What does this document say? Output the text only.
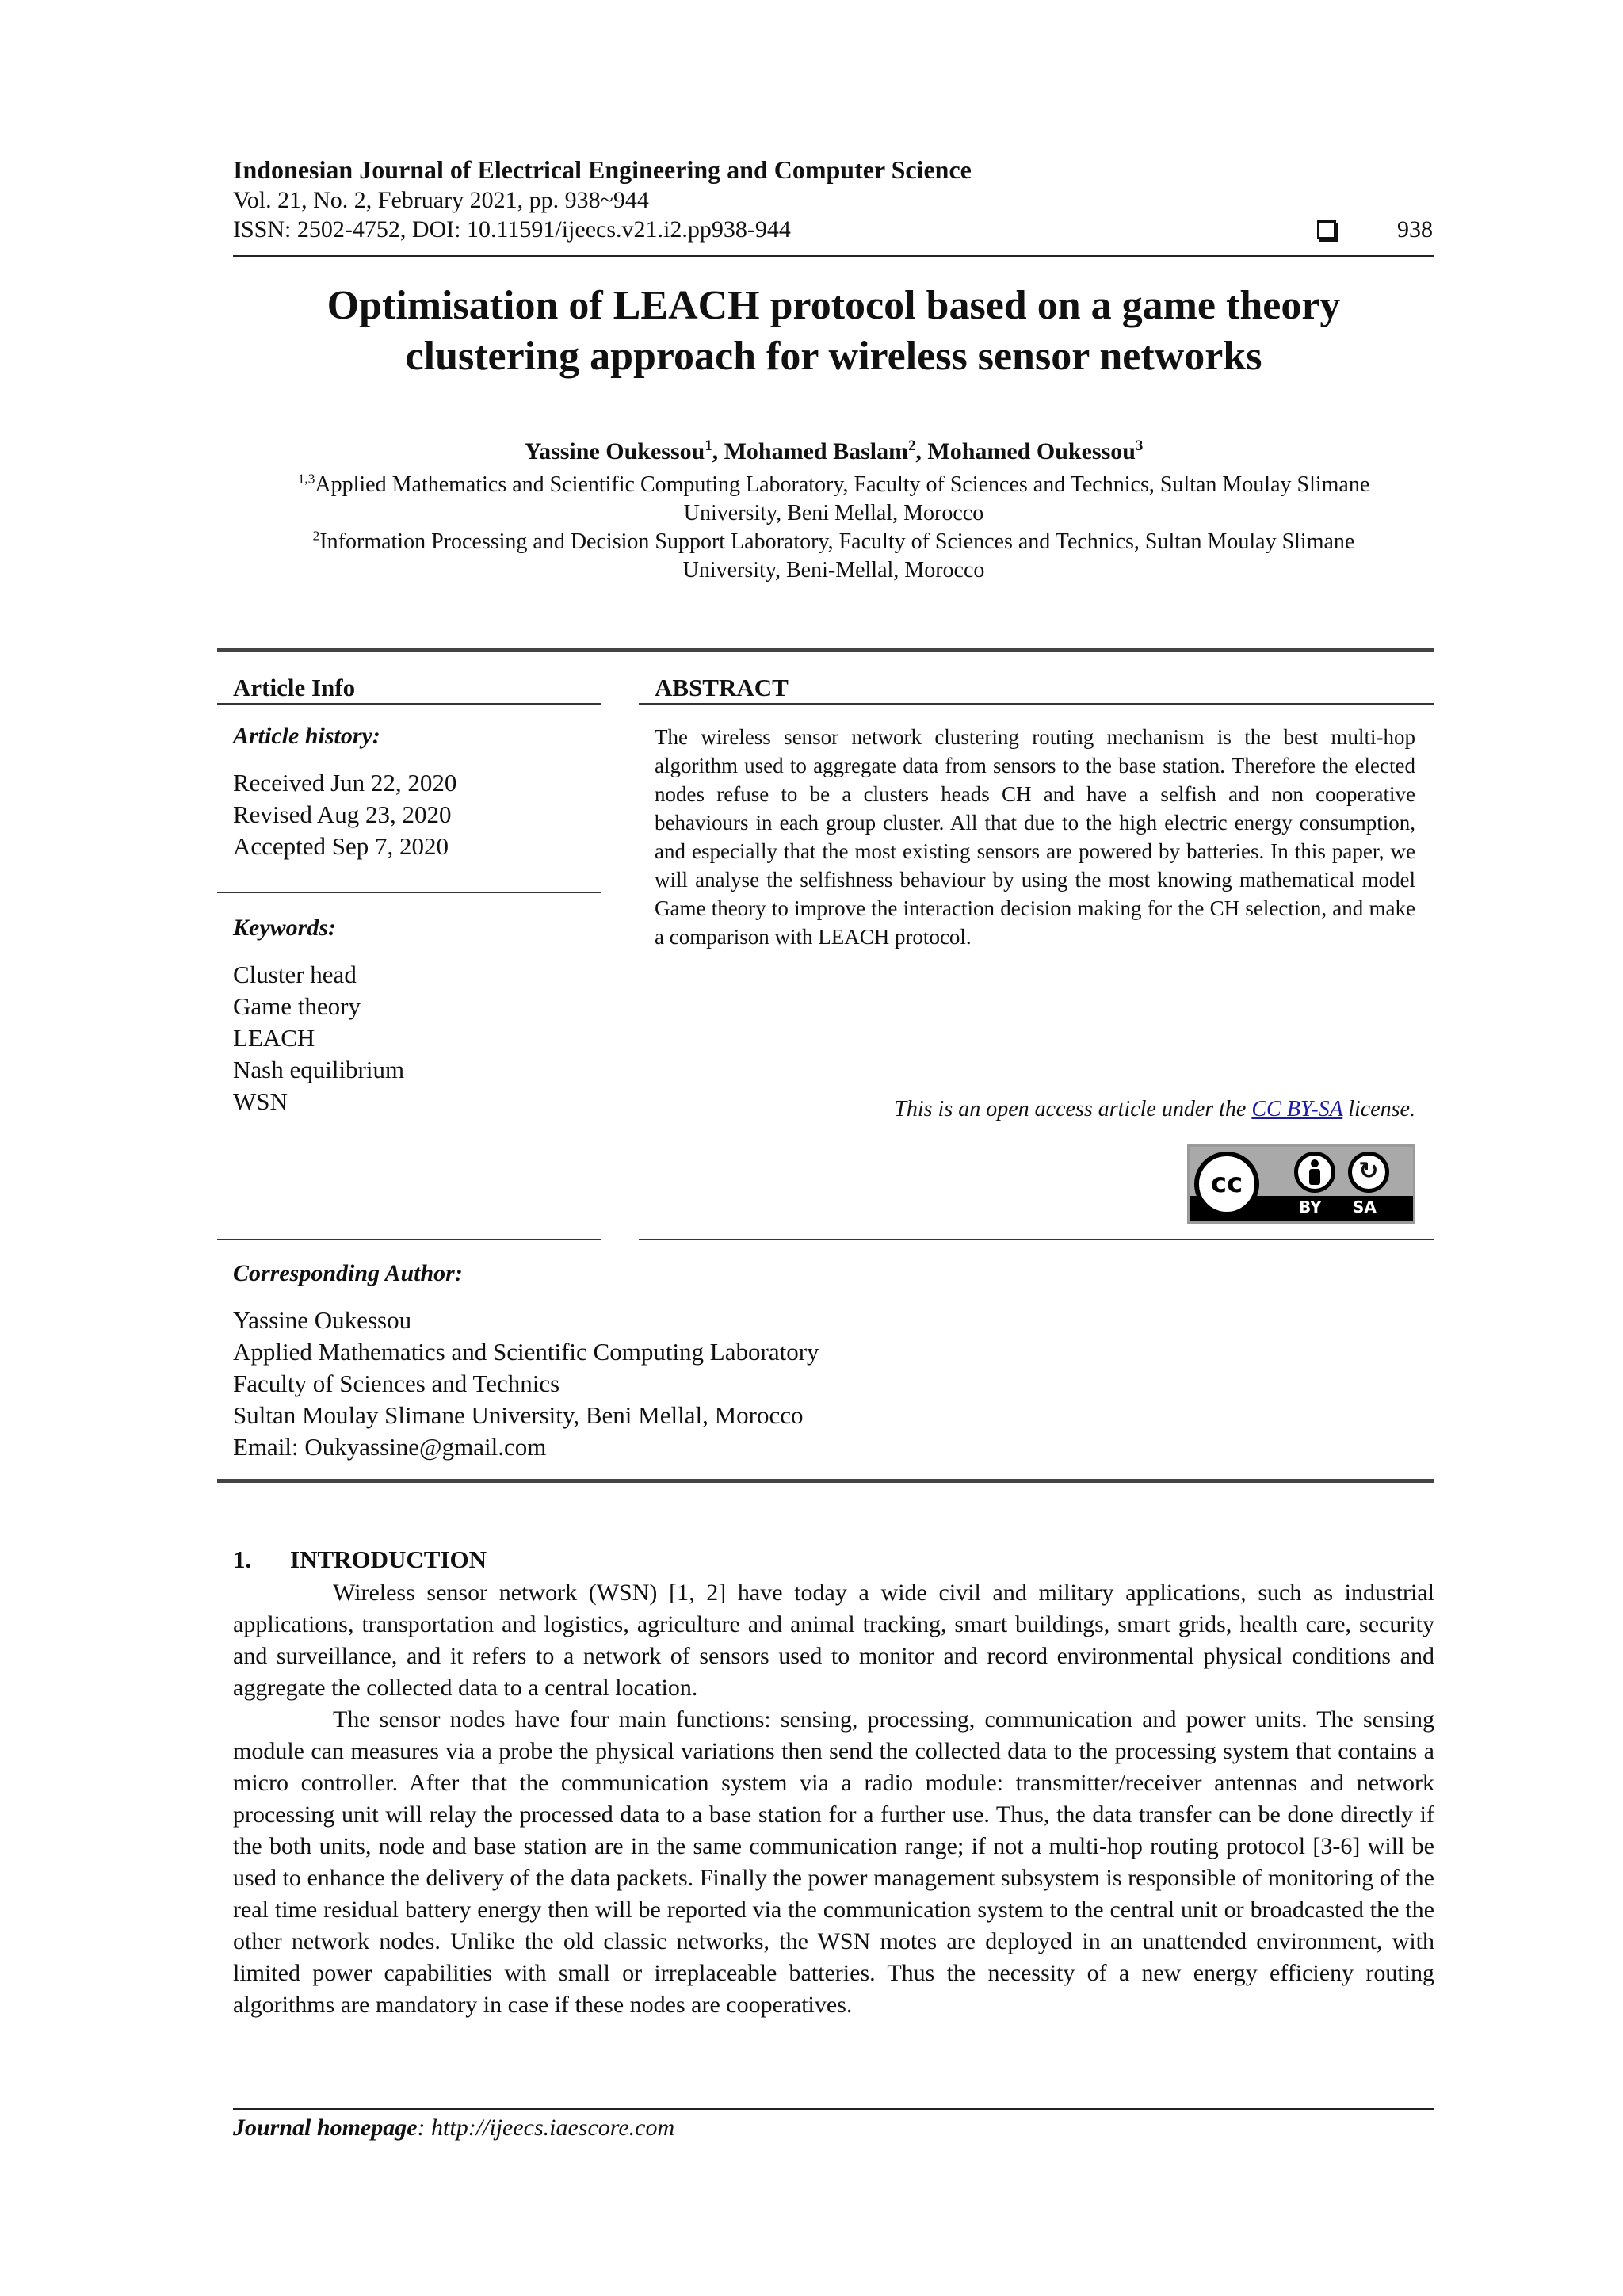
Indonesian Journal of Electrical Engineering and Computer Science
Vol. 21, No. 2, February 2021, pp. 938~944
ISSN: 2502-4752, DOI: 10.11591/ijeecs.v21.i2.pp938-944	938
Optimisation of LEACH protocol based on a game theory
clustering approach for wireless sensor networks
Yassine Oukessou$^1$, Mohamed Baslam$^2$, Mohamed Oukessou$^3$
$^{1,3}$Applied Mathematics and Scientific Computing Laboratory, Faculty of Sciences and Technics, Sultan Moulay Slimane
University, Beni Mellal, Morocco
$^2$Information Processing and Decision Support Laboratory, Faculty of Sciences and Technics, Sultan Moulay Slimane
University, Beni-Mellal, Morocco
Article Info	ABSTRACT
Article history:
Received Jun 22, 2020
Revised Aug 23, 2020
Accepted Sep 7, 2020
Keywords:
Cluster head
Game theory
LEACH
Nash equilibrium
WSN
The wireless sensor network clustering routing mechanism is the best multi-hop algorithm used to aggregate data from sensors to the base station. Therefore the elected nodes refuse to be a clusters heads CH and have a selfish and non cooperative behaviours in each group cluster. All that due to the high electric energy consumption, and especially that the most existing sensors are powered by batteries. In this paper, we will analyse the selfishness behaviour by using the most knowing mathematical model Game theory to improve the interaction decision making for the CH selection, and make a comparison with LEACH protocol.
This is an open access article under the CC BY-SA license.
cc	↻
BY SA
Corresponding Author:
Yassine Oukessou
Applied Mathematics and Scientific Computing Laboratory
Faculty of Sciences and Technics
Sultan Moulay Slimane University, Beni Mellal, Morocco
Email: Oukyassine@gmail.com
1. INTRODUCTION
Wireless sensor network (WSN) [1, 2] have today a wide civil and military applications, such as industrial applications, transportation and logistics, agriculture and animal tracking, smart buildings, smart grids, health care, security and surveillance, and it refers to a network of sensors used to monitor and record environmental physical conditions and aggregate the collected data to a central location.
The sensor nodes have four main functions: sensing, processing, communication and power units. The sensing module can measures via a probe the physical variations then send the collected data to the processing system that contains a micro controller. After that the communication system via a radio module: transmitter/receiver antennas and network processing unit will relay the processed data to a base station for a further use. Thus, the data transfer can be done directly if the both units, node and base station are in the same communication range; if not a multi-hop routing protocol [3-6] will be used to enhance the delivery of the data packets. Finally the power management subsystem is responsible of monitoring of the real time residual battery energy then will be reported via the communication system to the central unit or broadcasted the the other network nodes. Unlike the old classic networks, the WSN motes are deployed in an unattended environment, with limited power capabilities with small or irreplaceable batteries. Thus the necessity of a new energy efficieny routing algorithms are mandatory in case if these nodes are cooperatives.
Journal homepage: http://ijeecs.iaescore.com
